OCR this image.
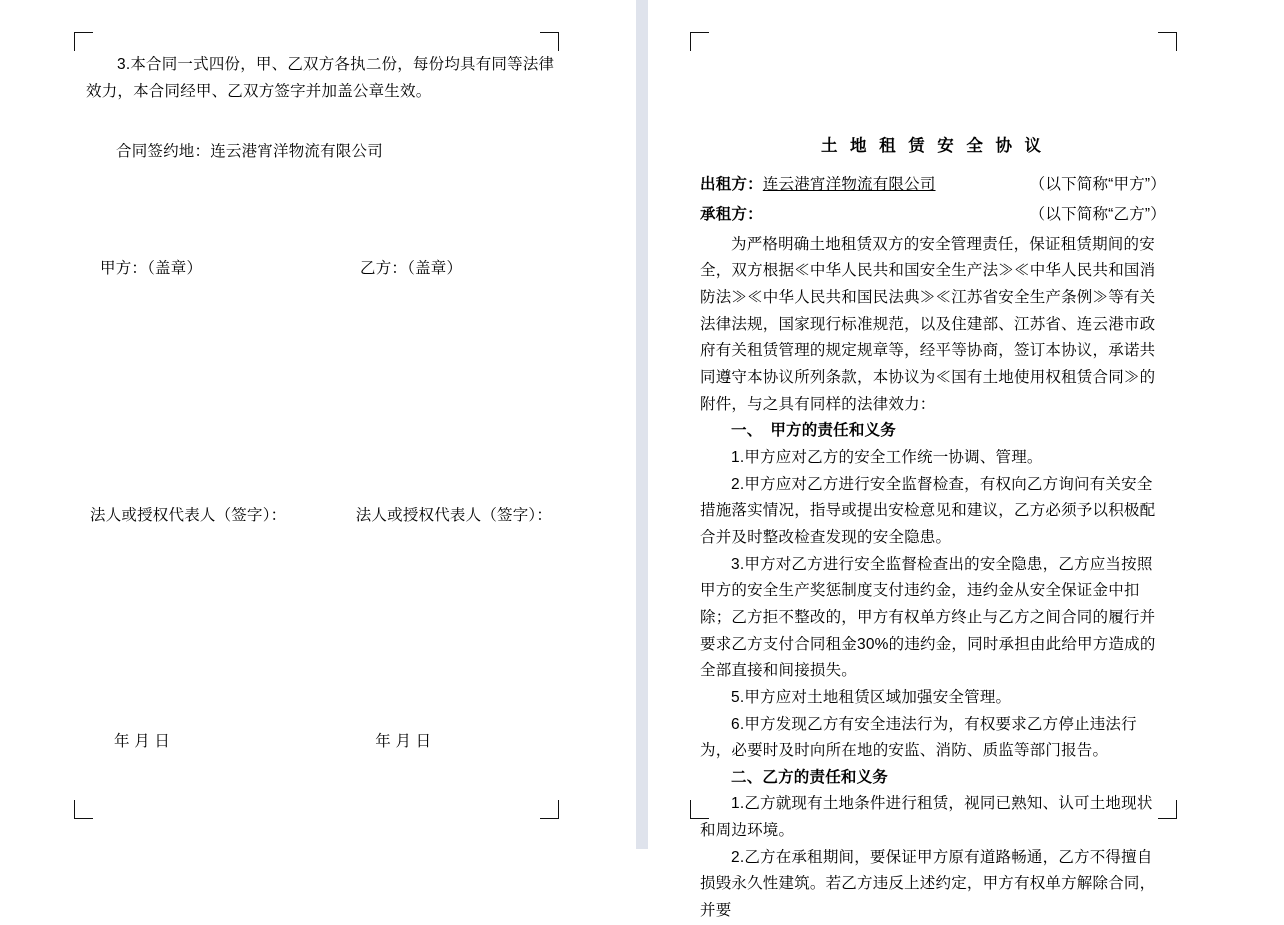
3.本合同一式四份，甲、乙双方各执二份，每份均具有同等法律效力，本合同经甲、乙双方签字并加盖公章生效。

合同签约地：连云港宵洋物流有限公司

甲方：（盖章）	乙方：（盖章）
法人或授权代表人（签字）：	法人或授权代表人（签字）：
年 月 日	年 月 日

土 地 租 赁 安 全 协 议

出租方： 连云港宵洋物流有限公司	（以下简称“甲方”）
承租方：	（以下简称“乙方”）

为严格明确土地租赁双方的安全管理责任，保证租赁期间的安全，双方根据≪中华人民共和国安全生产法≫≪中华人民共和国消防法≫≪中华人民共和国民法典≫≪江苏省安全生产条例≫等有关法律法规，国家现行标准规范，以及住建部、江苏省、连云港市政府有关租赁管理的规定规章等，经平等协商，签订本协议，承诺共同遵守本协议所列条款，本协议为≪国有土地使用权租赁合同≫的附件，与之具有同样的法律效力：

一、　甲方的责任和义务

1.甲方应对乙方的安全工作统一协调、管理。

2.甲方应对乙方进行安全监督检查，有权向乙方询问有关安全措施落实情况，指导或提出安检意见和建议，乙方必须予以积极配合并及时整改检查发现的安全隐患。

3.甲方对乙方进行安全监督检查出的安全隐患，乙方应当按照甲方的安全生产奖惩制度支付违约金，违约金从安全保证金中扣除；乙方拒不整改的，甲方有权单方终止与乙方之间合同的履行并要求乙方支付合同租金30%的违约金，同时承担由此给甲方造成的全部直接和间接损失。

5.甲方应对土地租赁区域加强安全管理。

6.甲方发现乙方有安全违法行为，有权要求乙方停止违法行为，必要时及时向所在地的安监、消防、质监等部门报告。

二、乙方的责任和义务

1.乙方就现有土地条件进行租赁，视同已熟知、认可土地现状和周边环境。

2.乙方在承租期间，要保证甲方原有道路畅通，乙方不得擅自损毁永久性建筑。若乙方违反上述约定，甲方有权单方解除合同，并要
